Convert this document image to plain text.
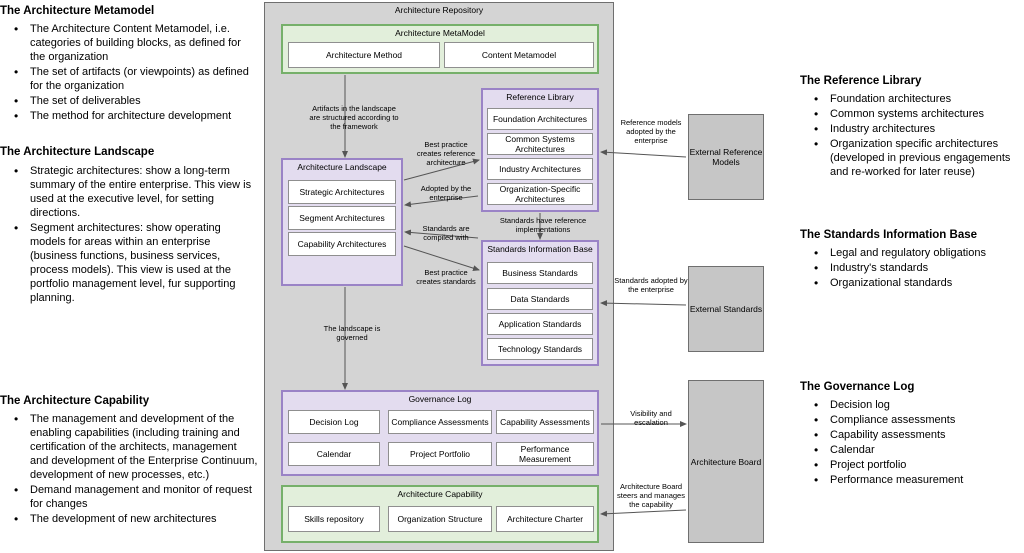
The Architecture Metamodel
• The Architecture Content Metamodel, i.e. categories of building blocks, as defined for the organization
• The set of artifacts (or viewpoints) as defined for the organization
• The set of deliverables
• The method for architecture development
The Architecture Landscape
• Strategic architectures: show a long-term summary of the entire enterprise. This view is used at the executive level, for setting directions.
• Segment architectures: show operating models for areas within an enterprise (business functions, business services, process models). This view is used at the portfolio management level, fur supporting planning.
The Architecture Capability
• The management and development of the enabling capabilities (including training and certification of the architects, management and development of the Enterprise Continuum, development of new processes, etc.)
• Demand management and monitor of request for changes
• The development of new architectures
The Reference Library
• Foundation architectures
• Common systems architectures
• Industry architectures
• Organization specific architectures (developed in previous engagements and re-worked for later reuse)
The Standards Information Base
• Legal and regulatory obligations
• Industry's standards
• Organizational standards
The Governance Log
• Decision log
• Compliance assessments
• Capability assessments
• Calendar
• Project portfolio
• Performance measurement
Architecture Repository
Architecture MetaModel
Architecture Method	Content Metamodel
Architecture Landscape
Strategic Architectures
Segment Architectures
Capability Architectures
Reference Library
Foundation Architectures
Common Systems Architectures
Industry Architectures
Organization-Specific Architectures
Standards Information Base
Business Standards
Data Standards
Application Standards
Technology Standards
Governance Log
Decision Log	Compliance Assessments	Capability Assessments
Calendar	Project Portfolio	Performance Measurement
Architecture Capability
Skills repository	Organization Structure	Architecture Charter
External Reference Models
External Standards
Architecture Board
Artifacts in the landscape are structured according to the framework
Best practice creates reference architecture
Adopted by the enterprise
Standards are compiled with
Standards have reference implementations
Best practice creates standards
The landscape is governed
Reference models adopted by the enterprise
Standards adopted by the enterprise
Visibility and escalation
Architecture Board steers and manages the capability
